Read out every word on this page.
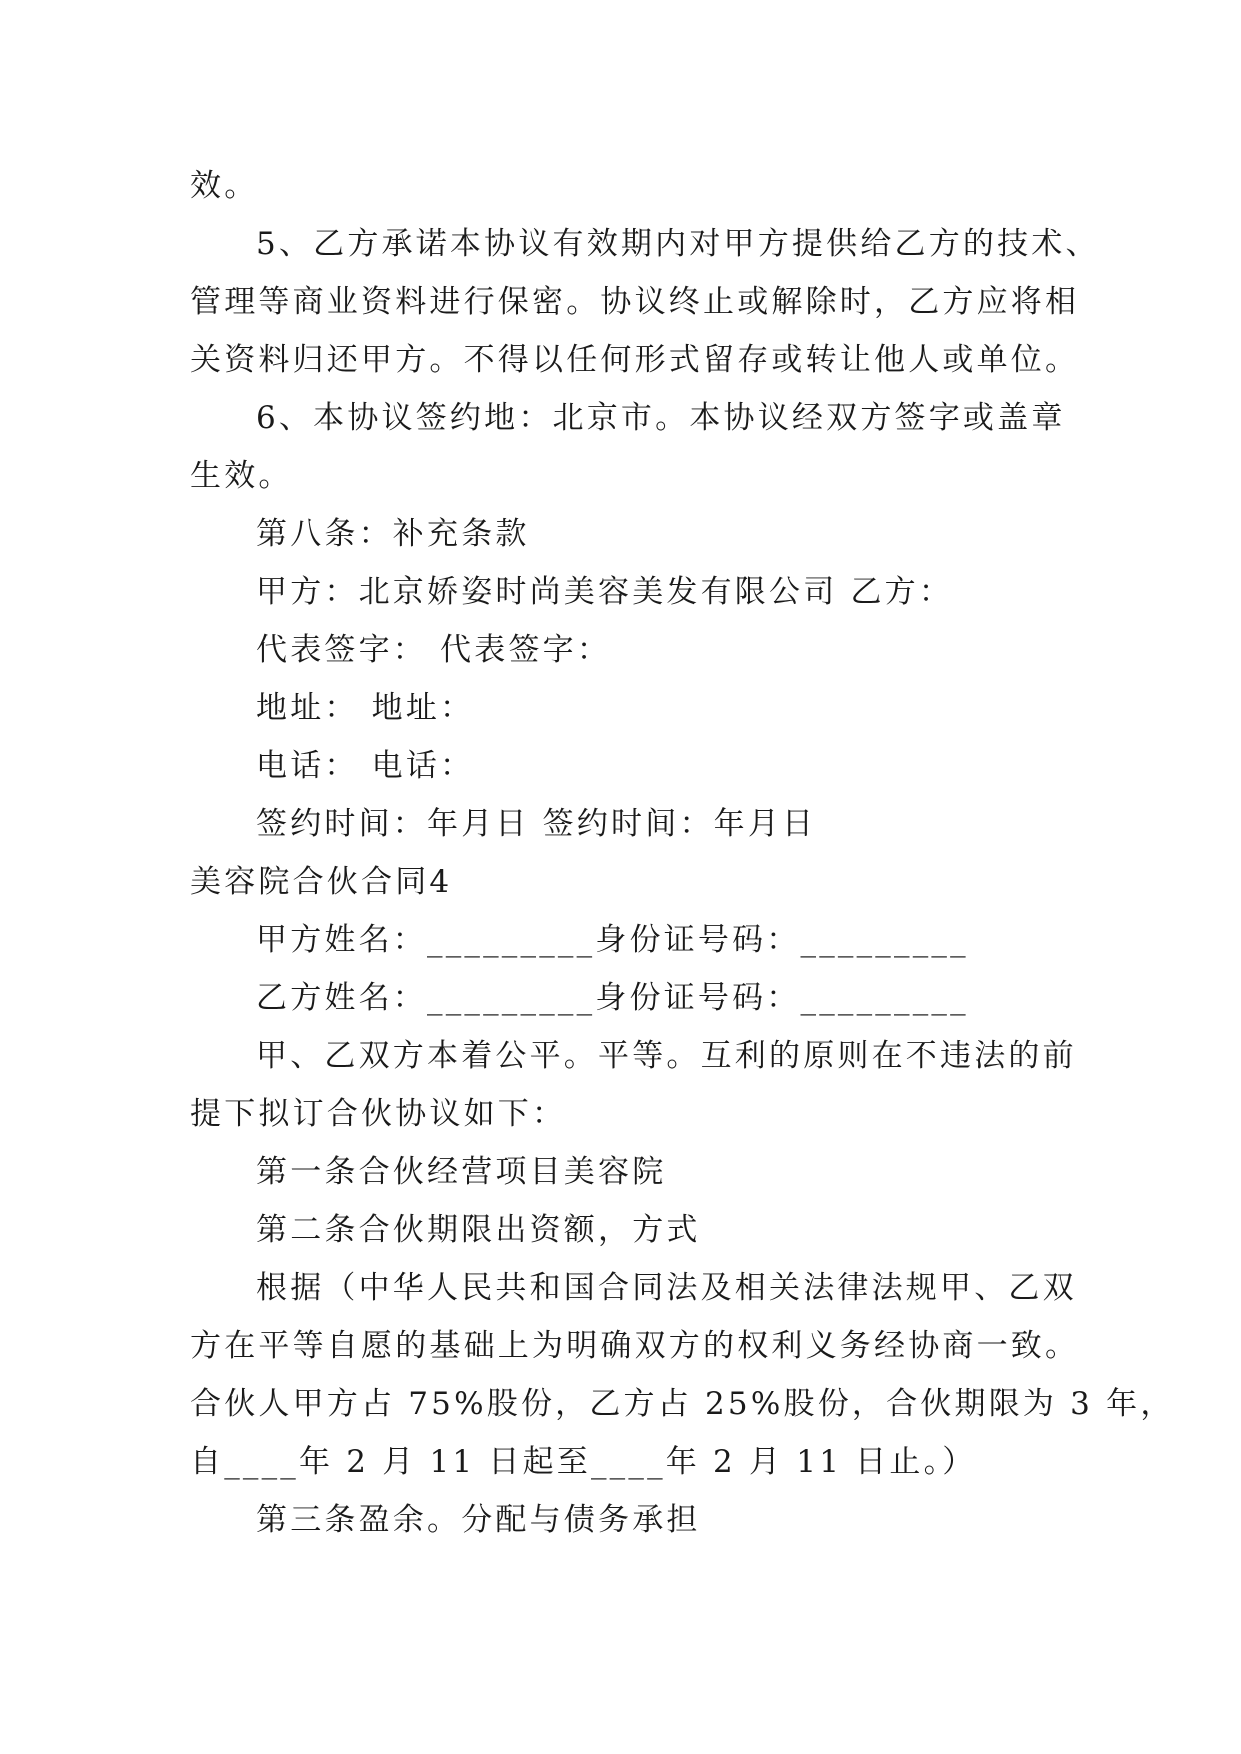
效。
5、乙方承诺本协议有效期内对甲方提供给乙方的技术、
管理等商业资料进行保密。协议终止或解除时，乙方应将相
关资料归还甲方。不得以任何形式留存或转让他人或单位。
6、本协议签约地：北京市。本协议经双方签字或盖章
生效。
第八条：补充条款
甲方：北京娇姿时尚美容美发有限公司 乙方：
代表签字： 代表签字：
地址： 地址：
电话： 电话：
签约时间：年月日 签约时间：年月日
美容院合伙合同4
甲方姓名：_________身份证号码：_________
乙方姓名：_________身份证号码：_________
甲、乙双方本着公平。平等。互利的原则在不违法的前
提下拟订合伙协议如下：
第一条合伙经营项目美容院
第二条合伙期限出资额，方式
根据（中华人民共和国合同法及相关法律法规甲、乙双
方在平等自愿的基础上为明确双方的权利义务经协商一致。
合伙人甲方占 75%股份，乙方占 25%股份，合伙期限为 3 年，
自____年 2 月 11 日起至____年 2 月 11 日止。）
第三条盈余。分配与债务承担
